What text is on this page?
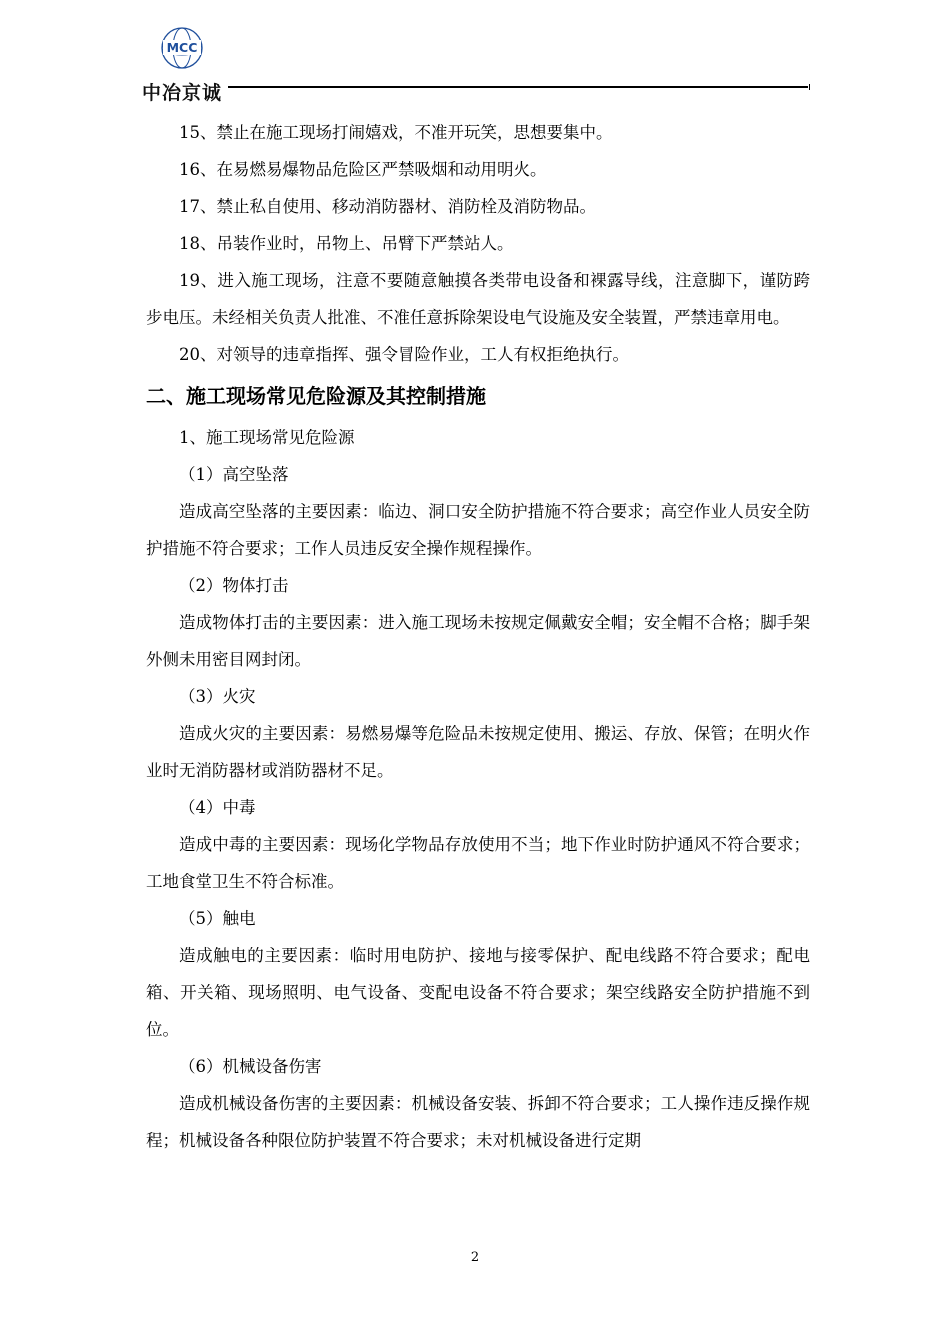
MCC
中冶京诚

15、禁止在施工现场打闹嬉戏，不准开玩笑，思想要集中。

16、在易燃易爆物品危险区严禁吸烟和动用明火。

17、禁止私自使用、移动消防器材、消防栓及消防物品。

18、吊装作业时，吊物上、吊臂下严禁站人。

19、进入施工现场，注意不要随意触摸各类带电设备和裸露导线，注意脚下，谨防跨步电压。未经相关负责人批准、不准任意拆除架设电气设施及安全装置，严禁违章用电。

20、对领导的违章指挥、强令冒险作业，工人有权拒绝执行。

二、施工现场常见危险源及其控制措施

1、施工现场常见危险源

（1）高空坠落

造成高空坠落的主要因素：临边、洞口安全防护措施不符合要求；高空作业人员安全防护措施不符合要求；工作人员违反安全操作规程操作。

（2）物体打击

造成物体打击的主要因素：进入施工现场未按规定佩戴安全帽；安全帽不合格；脚手架外侧未用密目网封闭。

（3）火灾

造成火灾的主要因素：易燃易爆等危险品未按规定使用、搬运、存放、保管；在明火作业时无消防器材或消防器材不足。

（4）中毒

造成中毒的主要因素：现场化学物品存放使用不当；地下作业时防护通风不符合要求；工地食堂卫生不符合标准。

（5）触电

造成触电的主要因素：临时用电防护、接地与接零保护、配电线路不符合要求；配电箱、开关箱、现场照明、电气设备、变配电设备不符合要求；架空线路安全防护措施不到位。

（6）机械设备伤害

造成机械设备伤害的主要因素：机械设备安装、拆卸不符合要求；工人操作违反操作规程；机械设备各种限位防护装置不符合要求；未对机械设备进行定期

2
